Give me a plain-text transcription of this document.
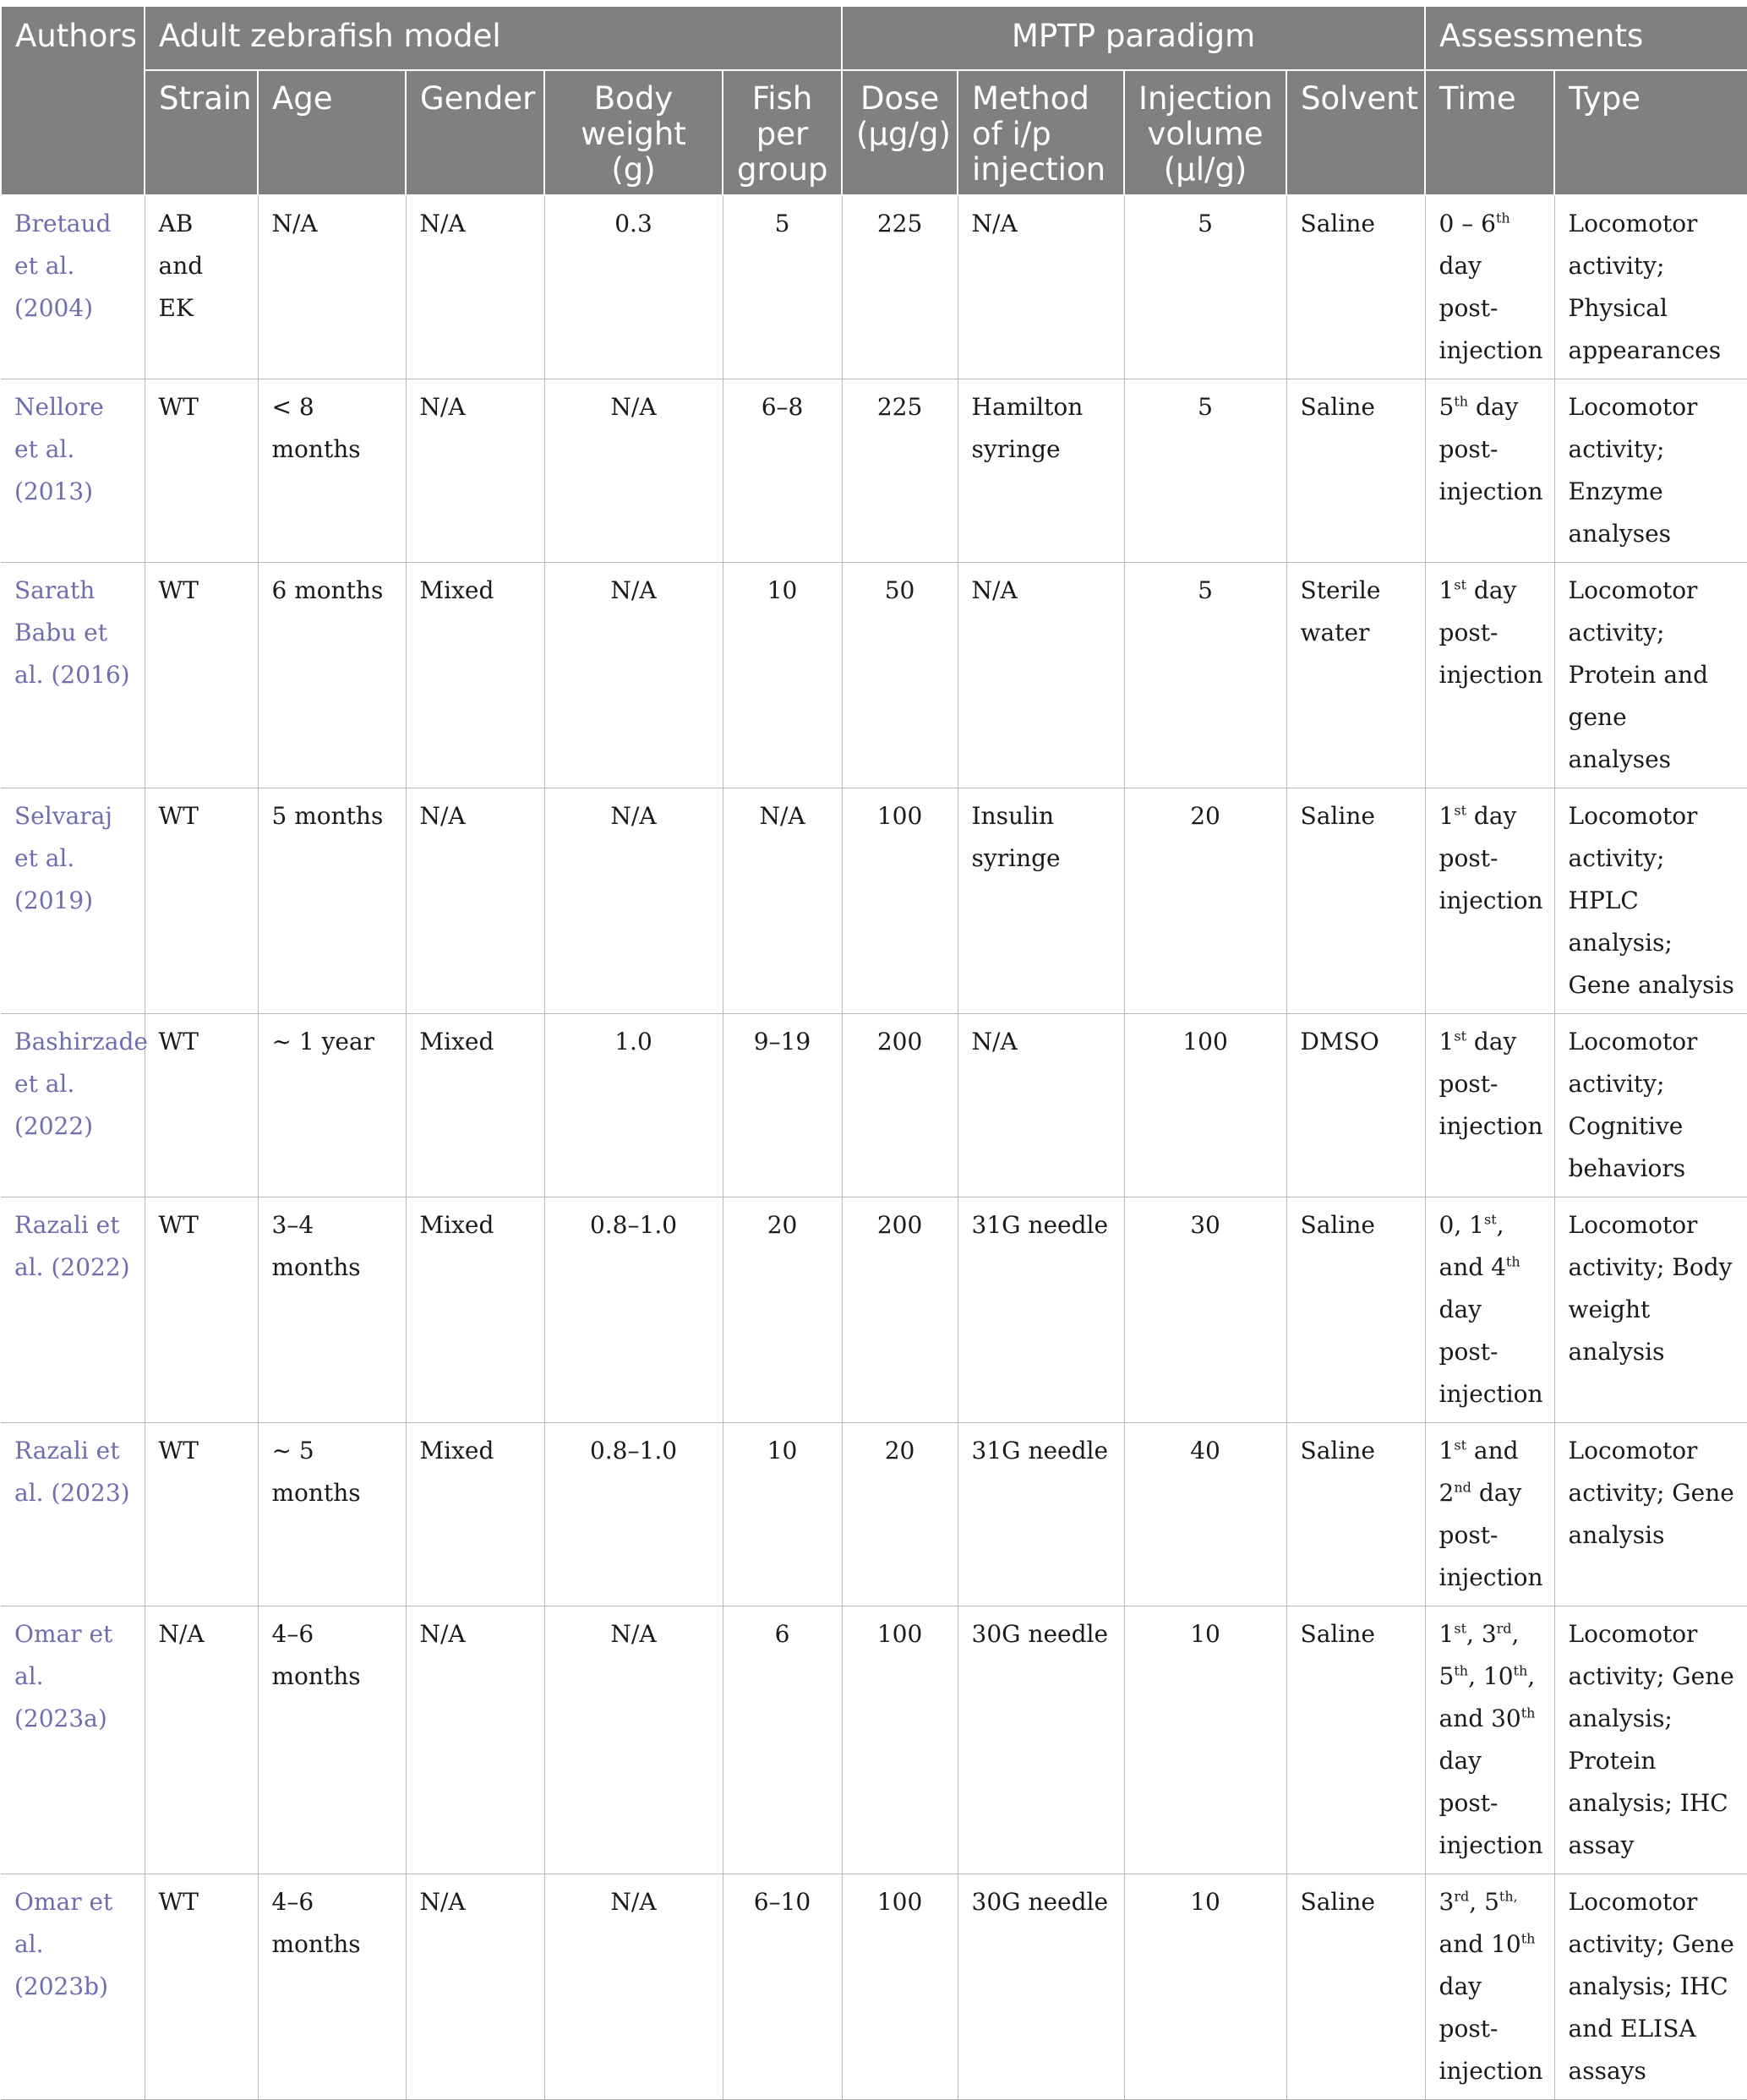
Authors	Adult zebrafish model					MPTP paradigm				Assessments	
	Strain	Age	Gender	Body weight (g)	Fish per group	Dose (µg/g)	Method of i/p injection	Injection volume (µl/g)	Solvent	Time	Type
Bretaud et al. (2004)	AB and EK	N/A	N/A	0.3	5	225	N/A	5	Saline	0 – 6th day post-injection	Locomotor activity; Physical appearances
Nellore et al. (2013)	WT	< 8 months	N/A	N/A	6–8	225	Hamilton syringe	5	Saline	5th day post-injection	Locomotor activity; Enzyme analyses
Sarath Babu et al. (2016)	WT	6 months	Mixed	N/A	10	50	N/A	5	Sterile water	1st day post-injection	Locomotor activity; Protein and gene analyses
Selvaraj et al. (2019)	WT	5 months	N/A	N/A	N/A	100	Insulin syringe	20	Saline	1st day post-injection	Locomotor activity; HPLC analysis; Gene analysis
Bashirzade et al. (2022)	WT	~ 1 year	Mixed	1.0	9–19	200	N/A	100	DMSO	1st day post-injection	Locomotor activity; Cognitive behaviors
Razali et al. (2022)	WT	3–4 months	Mixed	0.8–1.0	20	200	31G needle	30	Saline	0, 1st, and 4th day post-injection	Locomotor activity; Body weight analysis
Razali et al. (2023)	WT	~ 5 months	Mixed	0.8–1.0	10	20	31G needle	40	Saline	1st and 2nd day post-injection	Locomotor activity; Gene analysis
Omar et al. (2023a)	N/A	4–6 months	N/A	N/A	6	100	30G needle	10	Saline	1st, 3rd, 5th, 10th, and 30th day post-injection	Locomotor activity; Gene analysis; Protein analysis; IHC assay
Omar et al. (2023b)	WT	4–6 months	N/A	N/A	6–10	100	30G needle	10	Saline	3rd, $5^{th,}$ and 10th day post-injection	Locomotor activity; Gene analysis; IHC and ELISA assays
